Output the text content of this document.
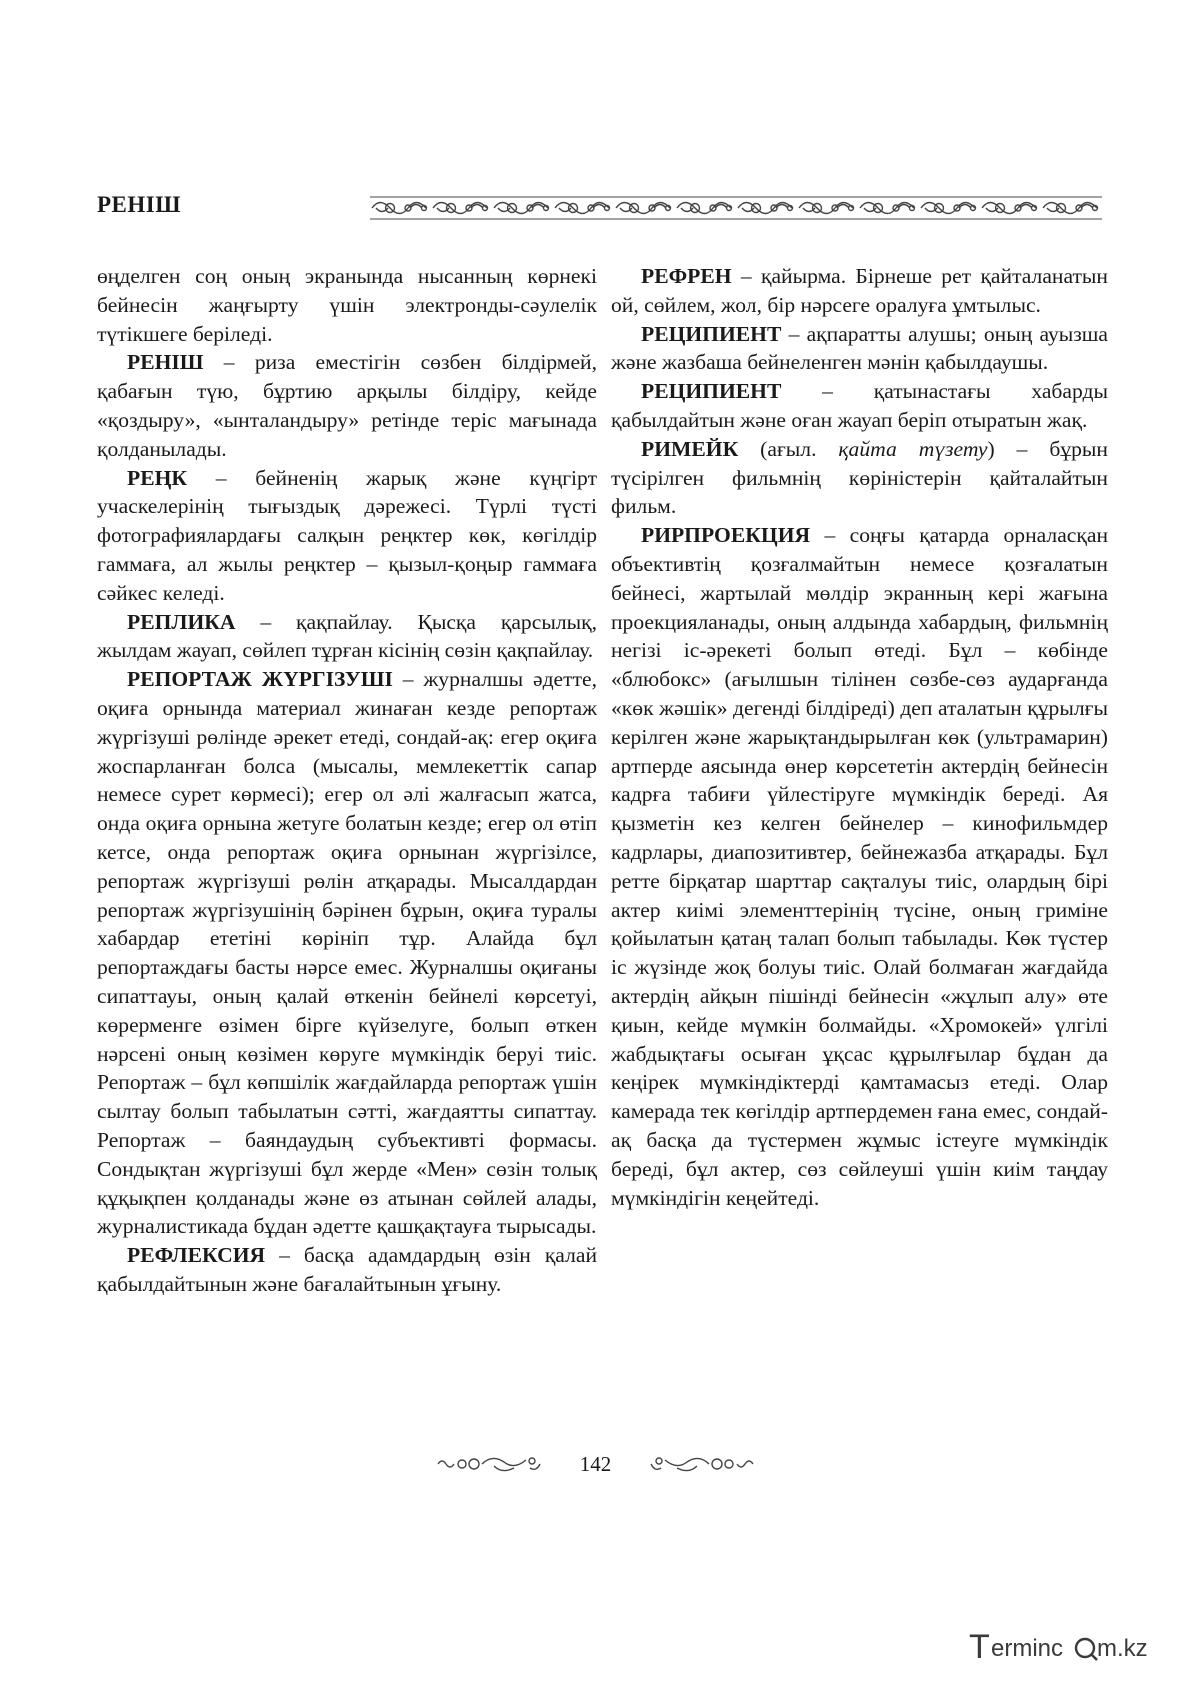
РЕНІШ

өңделген соң оның экранында нысанның көрнекі бейнесін жаңғырту үшін электронды-сәулелік түтікшеге беріледі.

РЕНІШ – риза еместігін сөзбен білдірмей, қабағын түю, бұртию арқылы білдіру, кейде «қоздыру», «ынталандыру» ретінде теріс мағынада қолданылады.

РЕҢК – бейненің жарық және күңгірт учаскелерінің тығыздық дәрежесі. Түрлі түсті фотографиялардағы салқын реңктер көк, көгілдір гаммаға, ал жылы реңктер – қызыл-қоңыр гаммаға сәйкес келеді.

РЕПЛИКА – қақпайлау. Қысқа қарсылық, жылдам жауап, сөйлеп тұрған кісінің сөзін қақпайлау.

РЕПОРТАЖ ЖҮРГІЗУШІ – журналшы әдетте, оқиға орнында материал жинаған кезде репортаж жүргізуші рөлінде әрекет етеді, сондай-ақ: егер оқиға жоспарланған болса (мысалы, мемлекеттік сапар немесе сурет көрмесі); егер ол әлі жалғасып жатса, онда оқиға орнына жетуге болатын кезде; егер ол өтіп кетсе, онда репортаж оқиға орнынан жүргізілсе, репортаж жүргізуші рөлін атқарады. Мысалдардан репортаж жүргізушінің бәрінен бұрын, оқиға туралы хабардар ететіні көрініп тұр. Алайда бұл репортаждағы басты нәрсе емес. Журналшы оқиғаны сипаттауы, оның қалай өткенін бейнелі көрсетуі, көрерменге өзімен бірге күйзелуге, болып өткен нәрсені оның көзімен көруге мүмкіндік беруі тиіс. Репортаж – бұл көпшілік жағдайларда репортаж үшін сылтау болып табылатын сәтті, жағдаятты сипаттау. Репортаж – баяндаудың субъективті формасы. Сондықтан жүргізуші бұл жерде «Мен» сөзін толық құқықпен қолданады және өз атынан сөйлей алады, журналистикада бұдан әдетте қашқақтауға тырысады.

РЕФЛЕКСИЯ – басқа адамдардың өзін қалай қабылдайтынын және бағалайтынын ұғыну.

РЕФРЕН – қайырма. Бірнеше рет қайталанатын ой, сөйлем, жол, бір нәрсеге оралуға ұмтылыс.

РЕЦИПИЕНТ – ақпаратты алушы; оның ауызша және жазбаша бейнеленген мәнін қабылдаушы.

РЕЦИПИЕНТ – қатынастағы хабарды қабылдайтын және оған жауап беріп отыратын жақ.

РИМЕЙК (ағыл. қайта түзету) – бұрын түсірілген фильмнің көріністерін қайталайтын фильм.

РИРПРОЕКЦИЯ – соңғы қатарда орналасқан объективтің қозғалмайтын немесе қозғалатын бейнесі, жартылай мөлдір экранның кері жағына проекцияланады, оның алдында хабардың, фильмнің негізі іс-әрекеті болып өтеді. Бұл – көбінде «блюбокс» (ағылшын тілінен сөзбе-сөз аударғанда «көк жәшік» дегенді білдіреді) деп аталатын құрылғы керілген және жарықтандырылған көк (ультрамарин) артперде аясында өнер көрсететін актердің бейнесін кадрға табиғи үйлестіруге мүмкіндік береді. Ая қызметін кез келген бейнелер – кинофильмдер кадрлары, диапозитивтер, бейнежазба атқарады. Бұл ретте бірқатар шарттар сақталуы тиіс, олардың бірі актер киімі элементтерінің түсіне, оның гриміне қойылатын қатаң талап болып табылады. Көк түстер іс жүзінде жоқ болуы тиіс. Олай болмаған жағдайда актердің айқын пішінді бейнесін «жұлып алу» өте қиын, кейде мүмкін болмайды. «Хромокей» үлгілі жабдықтағы осыған ұқсас құрылғылар бұдан да кеңірек мүмкіндіктерді қамтамасыз етеді. Олар камерада тек көгілдір артпердемен ғана емес, сондай-ақ басқа да түстермен жұмыс істеуге мүмкіндік береді, бұл актер, сөз сөйлеуші үшін киім таңдау мүмкіндігін кеңейтеді.

142
T erminc m.kz
